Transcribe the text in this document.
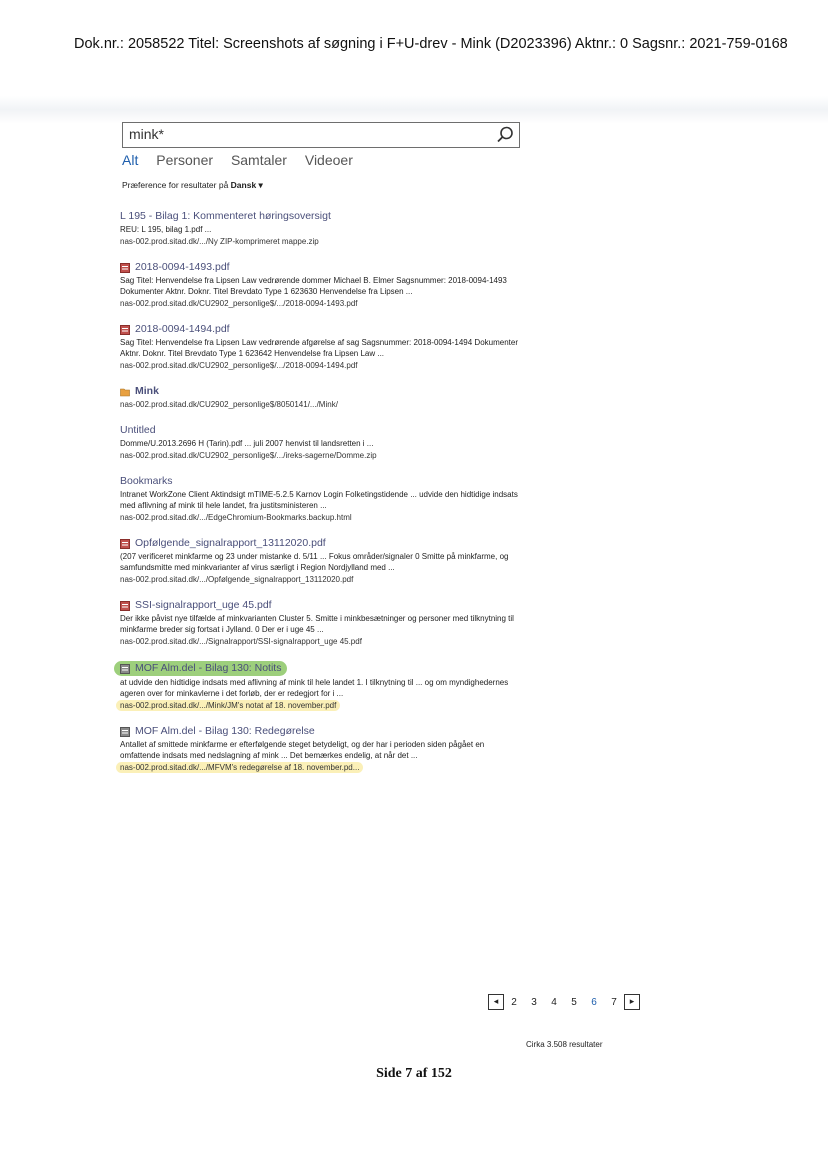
Dok.nr.: 2058522 Titel: Screenshots af søgning i F+U-drev - Mink (D2023396) Aktnr.: 0 Sagsnr.: 2021-759-0168
mink*
Alt Personer Samtaler Videoer
Præference for resultater på Dansk ▾
L 195 - Bilag 1: Kommenteret høringsoversigt
REU: L 195, bilag 1.pdf ...
nas-002.prod.sitad.dk/.../Ny ZIP-komprimeret mappe.zip
2018-0094-1493.pdf
Sag Titel: Henvendelse fra Lipsen Law vedrørende dommer Michael B. Elmer Sagsnummer: 2018-0094-1493 Dokumenter Aktnr. Doknr. Titel Brevdato Type 1 623630 Henvendelse fra Lipsen ...
nas-002.prod.sitad.dk/CU2902_personlige$/.../2018-0094-1493.pdf
2018-0094-1494.pdf
Sag Titel: Henvendelse fra Lipsen Law vedrørende afgørelse af sag Sagsnummer: 2018-0094-1494 Dokumenter Aktnr. Doknr. Titel Brevdato Type 1 623642 Henvendelse fra Lipsen Law ...
nas-002.prod.sitad.dk/CU2902_personlige$/.../2018-0094-1494.pdf
Mink
nas-002.prod.sitad.dk/CU2902_personlige$/8050141/.../Mink/
Untitled
Domme/U.2013.2696 H (Tarin).pdf ... juli 2007 henvist til landsretten i ...
nas-002.prod.sitad.dk/CU2902_personlige$/.../ireks-sagerne/Domme.zip
Bookmarks
Intranet WorkZone Client Aktindsigt mTIME-5.2.5 Karnov Login Folketingstidende ... udvide den hidtidige indsats med aflivning af mink til hele landet, fra justitsministeren ...
nas-002.prod.sitad.dk/.../EdgeChromium-Bookmarks.backup.html
Opfølgende_signalrapport_13112020.pdf
(207 verificeret minkfarme og 23 under mistanke d. 5/11 ... Fokus områder/signaler 0 Smitte på minkfarme, og samfundsmitte med minkvarianter af virus særligt i Region Nordjylland med ...
nas-002.prod.sitad.dk/.../Opfølgende_signalrapport_13112020.pdf
SSI-signalrapport_uge 45.pdf
Der ikke påvist nye tilfælde af minkvarianten Cluster 5. Smitte i minkbesætninger og personer med tilknytning til minkfarme breder sig fortsat i Jylland. 0 Der er i uge 45 ...
nas-002.prod.sitad.dk/.../Signalrapport/SSI-signalrapport_uge 45.pdf
MOF Alm.del - Bilag 130: Notits
at udvide den hidtidige indsats med aflivning af mink til hele landet 1. I tilknytning til ... og om myndighedernes ageren over for minkavlerne i det forløb, der er redegjort for i ...
nas-002.prod.sitad.dk/.../Mink/JM's notat af 18. november.pdf
MOF Alm.del - Bilag 130: Redegørelse
Antallet af smittede minkfarme er efterfølgende steget betydeligt, og der har i perioden siden pågået en omfattende indsats med nedslagning af mink ... Det bemærkes endelig, at når det ...
nas-002.prod.sitad.dk/.../MFVM's redegørelse af 18. november.pd...
◂	2	3	4	5	6	7	▸
Cirka 3.508 resultater
Side 7 af 152
